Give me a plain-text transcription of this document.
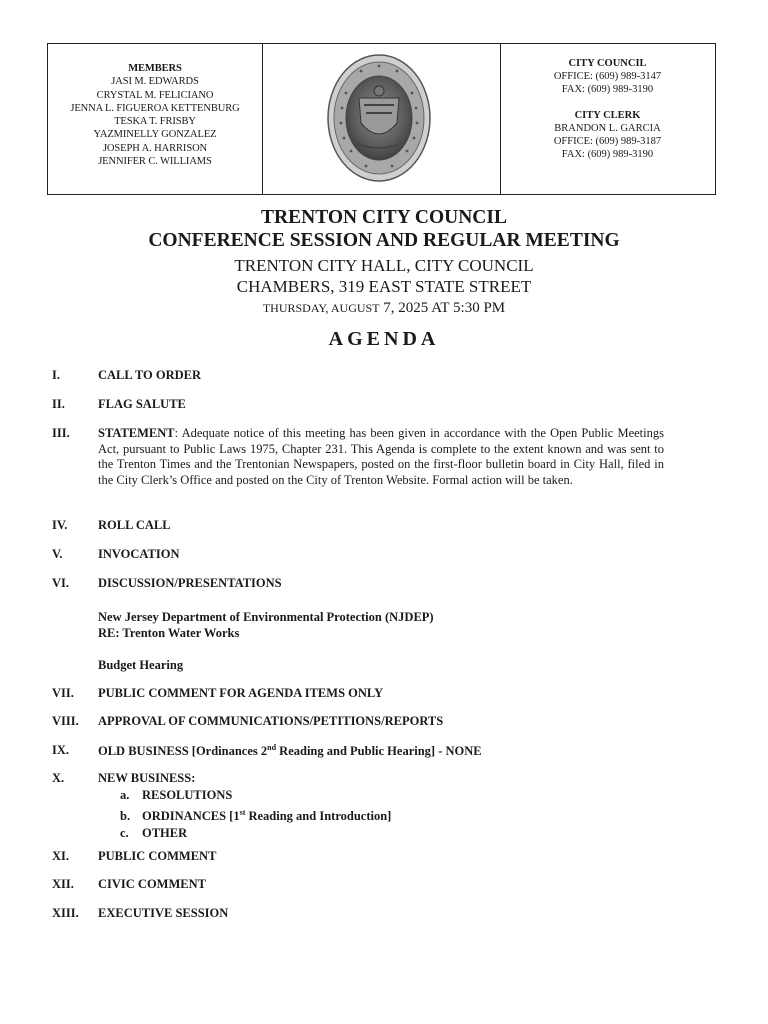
MEMBERS
JASI M. EDWARDS
CRYSTAL M. FELICIANO
JENNA L. FIGUEROA KETTENBURG
TESKA T. FRISBY
YAZMINELLY GONZALEZ
JOSEPH A. HARRISON
JENNIFER C. WILLIAMS
CITY COUNCIL
OFFICE: (609) 989-3147
FAX: (609) 989-3190
CITY CLERK
BRANDON L. GARCIA
OFFICE: (609) 989-3187
FAX: (609) 989-3190
TRENTON CITY COUNCIL
CONFERENCE SESSION AND REGULAR MEETING
TRENTON CITY HALL, CITY COUNCIL
CHAMBERS, 319 EAST STATE STREET
THURSDAY, AUGUST 7, 2025 AT 5:30 PM
AGENDA
I.	CALL TO ORDER
II.	FLAG SALUTE
III. STATEMENT: Adequate notice of this meeting has been given in accordance with the Open Public Meetings Act, pursuant to Public Laws 1975, Chapter 231. This Agenda is complete to the extent known and was sent to the Trenton Times and the Trentonian Newspapers, posted on the first-floor bulletin board in City Hall, filed in the City Clerk’s Office and posted on the City of Trenton Website. Formal action will be taken.
IV. ROLL CALL
V.	INVOCATION
VI. DISCUSSION/PRESENTATIONS
New Jersey Department of Environmental Protection (NJDEP)
RE: Trenton Water Works
Budget Hearing
VII. PUBLIC COMMENT FOR AGENDA ITEMS ONLY
VIII. APPROVAL OF COMMUNICATIONS/PETITIONS/REPORTS
IX. OLD BUSINESS [Ordinances 2nd Reading and Public Hearing] - NONE
X.	NEW BUSINESS:
a. RESOLUTIONS
b. ORDINANCES [1st Reading and Introduction]
c. OTHER
XI. PUBLIC COMMENT
XII. CIVIC COMMENT
XIII. EXECUTIVE SESSION
